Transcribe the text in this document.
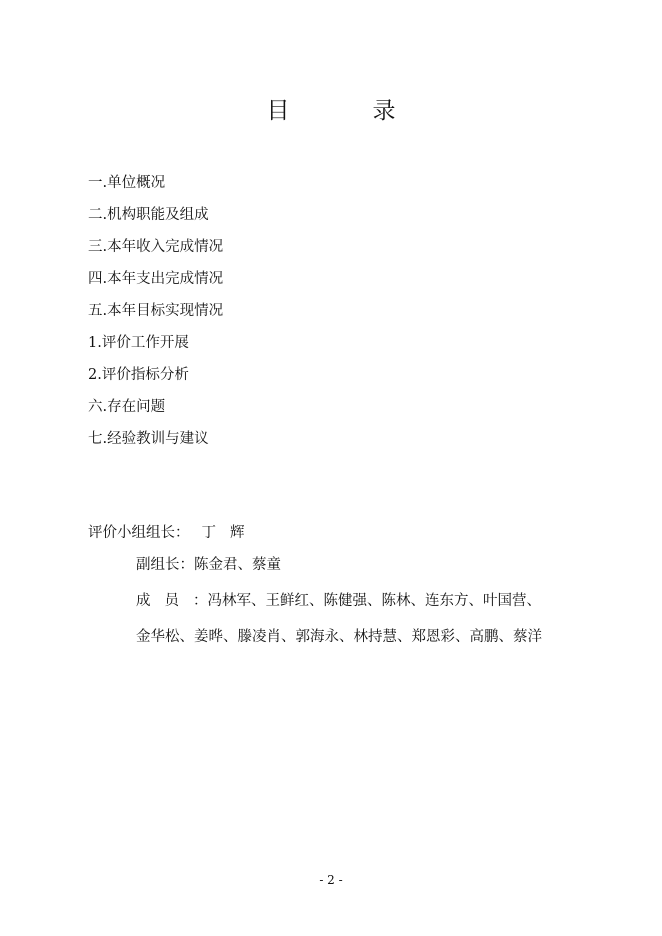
目　录
一.单位概况
二.机构职能及组成
三.本年收入完成情况
四.本年支出完成情况
五.本年目标实现情况
1.评价工作开展
2.评价指标分析
六.存在问题
七.经验教训与建议
评价小组组长： 丁辉
副组长：陈金君、蔡童
成员：冯林军、王鲜红、陈健强、陈林、连东方、叶国营、
金华松、姜晔、滕凌肖、郭海永、林持慧、郑恩彩、高鹏、蔡洋
- 2 -
